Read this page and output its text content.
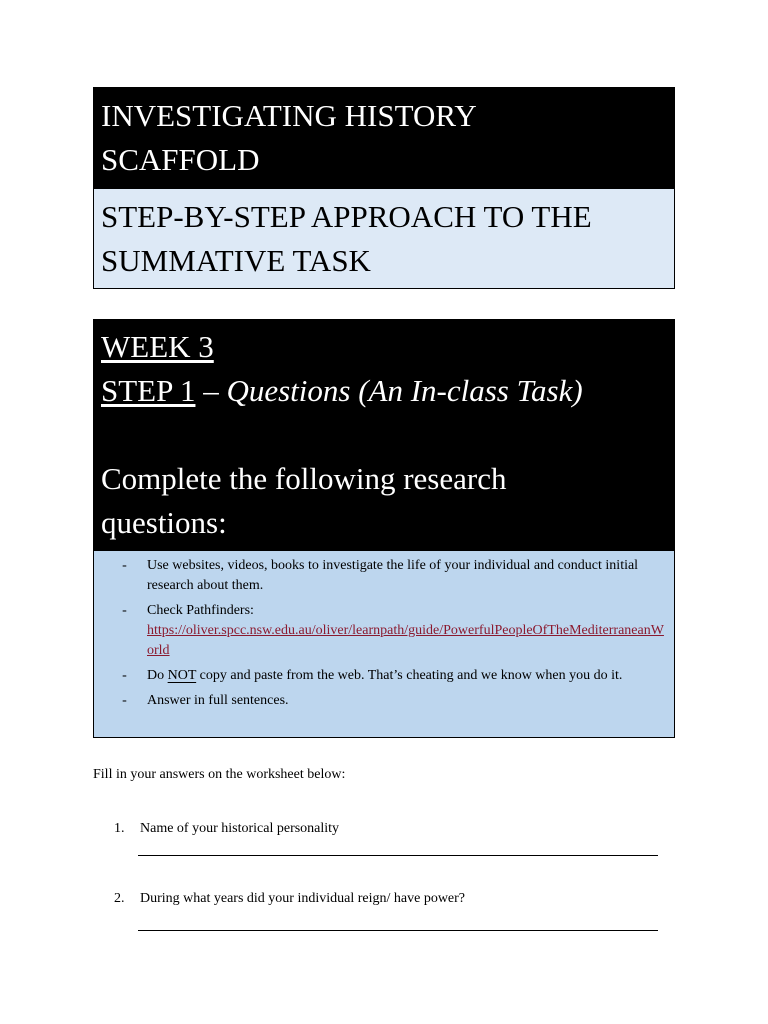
INVESTIGATING HISTORY
SCAFFOLD
STEP-BY-STEP APPROACH TO THE
SUMMATIVE TASK
WEEK 3
STEP 1 – Questions (An In-class Task)
Complete the following research
questions:
-	Use websites, videos, books to investigate the life of your individual and conduct initial research about them.
-	Check Pathfinders:
https://oliver.spcc.nsw.edu.au/oliver/learnpath/guide/PowerfulPeopleOfTheMediterraneanWorld
-	Do NOT copy and paste from the web. That’s cheating and we know when you do it.
-	Answer in full sentences.
Fill in your answers on the worksheet below:
1.	Name of your historical personality
2.	During what years did your individual reign/ have power?
